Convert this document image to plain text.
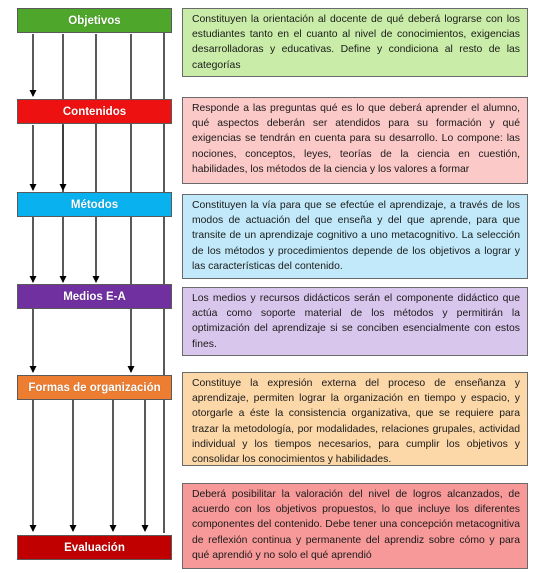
Objetivos
Contenidos
Métodos
Medios E-A
Formas de organización
Evaluación
Constituyen la orientación al docente de qué deberá lograrse con los estudiantes tanto en el cuanto al nivel de conocimientos, exigencias desarrolladoras y educativas. Define y condiciona al resto de las categorías
Responde a las preguntas qué es lo que deberá aprender el alumno, qué aspectos deberán ser atendidos para su formación y qué exigencias se tendrán en cuenta para su desarrollo. Lo compone: las nociones, conceptos, leyes, teorías de la ciencia en cuestión, habilidades, los métodos de la ciencia y los valores a formar
Constituyen la vía para que se efectúe el aprendizaje, a través de los modos de actuación del que enseña y del que aprende, para que transite de un aprendizaje cognitivo a uno metacognitivo. La selección de los métodos y procedimientos depende de los objetivos a lograr y las características del contenido.
Los medios y recursos didácticos serán el componente didáctico que actúa como soporte material de los métodos y permitirán la optimización del aprendizaje si se conciben esencialmente con estos fines.
Constituye la expresión externa del proceso de enseñanza y aprendizaje, permiten lograr la organización en tiempo y espacio, y otorgarle a éste la consistencia organizativa, que se requiere para trazar la metodología, por modalidades, relaciones grupales, actividad individual y los tiempos necesarios, para cumplir los objetivos y consolidar los conocimientos y habilidades.
Deberá posibilitar la valoración del nivel de logros alcanzados, de acuerdo con los objetivos propuestos, lo que incluye los diferentes componentes del contenido. Debe tener una concepción metacognitiva de reflexión continua y permanente del aprendiz sobre cómo y para qué aprendió y no solo el qué aprendió
